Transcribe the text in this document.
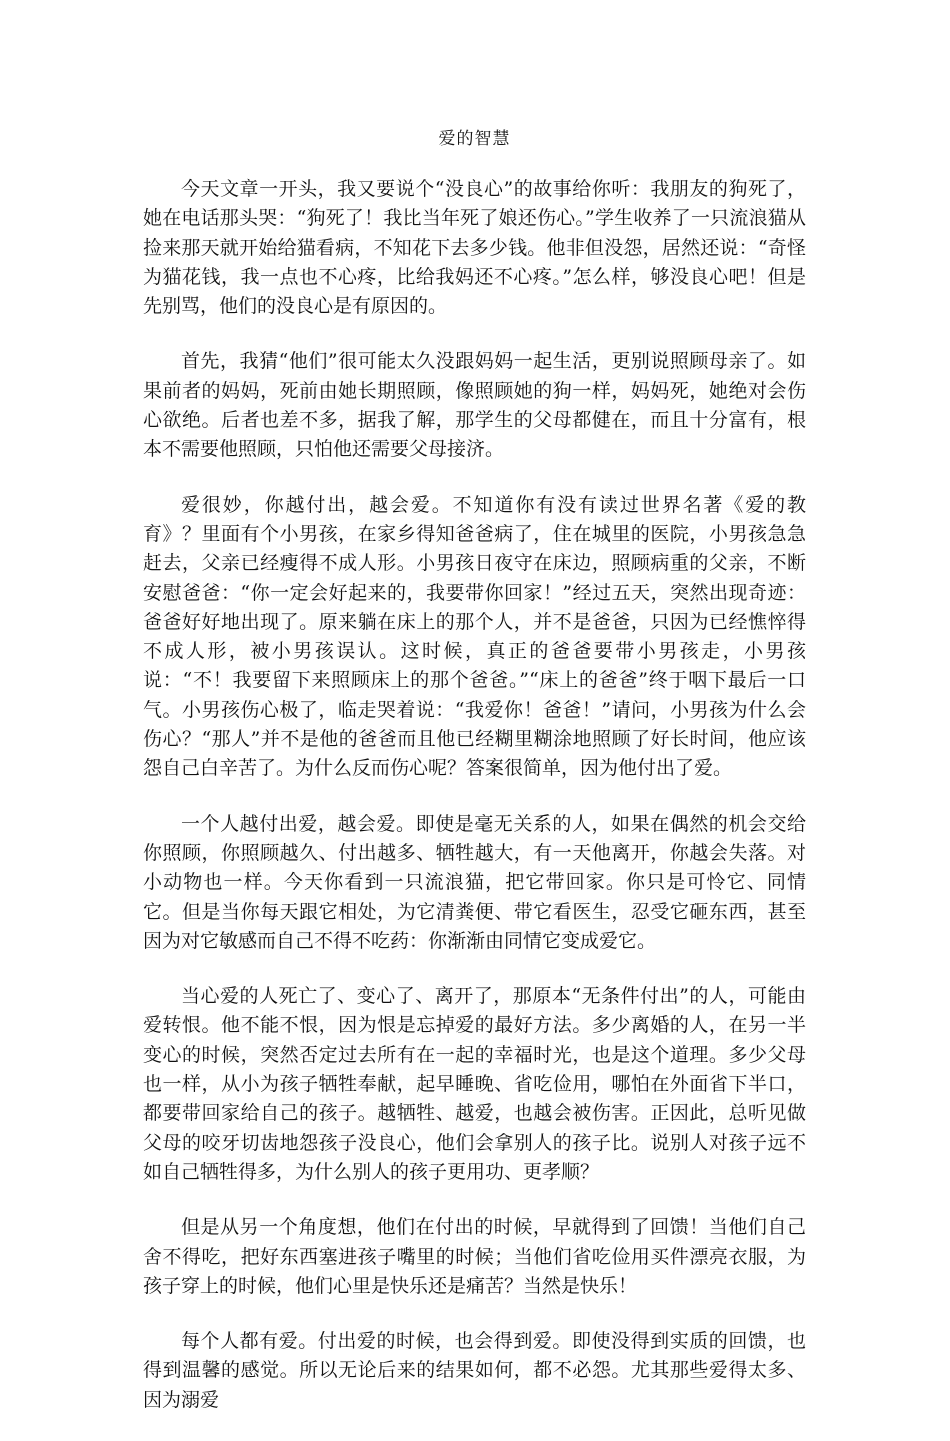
爱的智慧

今天文章一开头，我又要说个“没良心”的故事给你听：我朋友的狗死了，她在电话那头哭：“狗死了！我比当年死了娘还伤心。”学生收养了一只流浪猫从捡来那天就开始给猫看病，不知花下去多少钱。他非但没怨，居然还说：“奇怪为猫花钱，我一点也不心疼，比给我妈还不心疼。”怎么样，够没良心吧！但是先别骂，他们的没良心是有原因的。

首先，我猜“他们”很可能太久没跟妈妈一起生活，更别说照顾母亲了。如果前者的妈妈，死前由她长期照顾，像照顾她的狗一样，妈妈死，她绝对会伤心欲绝。后者也差不多，据我了解，那学生的父母都健在，而且十分富有，根本不需要他照顾，只怕他还需要父母接济。

爱很妙，你越付出，越会爱。不知道你有没有读过世界名著《爱的教育》？里面有个小男孩，在家乡得知爸爸病了，住在城里的医院，小男孩急急赶去，父亲已经瘦得不成人形。小男孩日夜守在床边，照顾病重的父亲，不断安慰爸爸：“你一定会好起来的，我要带你回家！”经过五天，突然出现奇迹：爸爸好好地出现了。原来躺在床上的那个人，并不是爸爸，只因为已经憔悴得不成人形，被小男孩误认。这时候，真正的爸爸要带小男孩走，小男孩说：“不！我要留下来照顾床上的那个爸爸。”“床上的爸爸”终于咽下最后一口气。小男孩伤心极了，临走哭着说：“我爱你！爸爸！”请问，小男孩为什么会伤心？“那人”并不是他的爸爸而且他已经糊里糊涂地照顾了好长时间，他应该怨自己白辛苦了。为什么反而伤心呢？答案很简单，因为他付出了爱。

一个人越付出爱，越会爱。即使是毫无关系的人，如果在偶然的机会交给你照顾，你照顾越久、付出越多、牺牲越大，有一天他离开，你越会失落。对小动物也一样。今天你看到一只流浪猫，把它带回家。你只是可怜它、同情它。但是当你每天跟它相处，为它清粪便、带它看医生，忍受它砸东西，甚至因为对它敏感而自己不得不吃药：你渐渐由同情它变成爱它。

当心爱的人死亡了、变心了、离开了，那原本“无条件付出”的人，可能由爱转恨。他不能不恨，因为恨是忘掉爱的最好方法。多少离婚的人，在另一半变心的时候，突然否定过去所有在一起的幸福时光，也是这个道理。多少父母也一样，从小为孩子牺牲奉献，起早睡晚、省吃俭用，哪怕在外面省下半口，都要带回家给自己的孩子。越牺牲、越爱，也越会被伤害。正因此，总听见做父母的咬牙切齿地怨孩子没良心，他们会拿别人的孩子比。说别人对孩子远不如自己牺牲得多，为什么别人的孩子更用功、更孝顺？

但是从另一个角度想，他们在付出的时候，早就得到了回馈！当他们自己舍不得吃，把好东西塞进孩子嘴里的时候；当他们省吃俭用买件漂亮衣服，为孩子穿上的时候，他们心里是快乐还是痛苦？当然是快乐！

每个人都有爱。付出爱的时候，也会得到爱。即使没得到实质的回馈，也得到温馨的感觉。所以无论后来的结果如何，都不必怨。尤其那些爱得太多、因为溺爱
